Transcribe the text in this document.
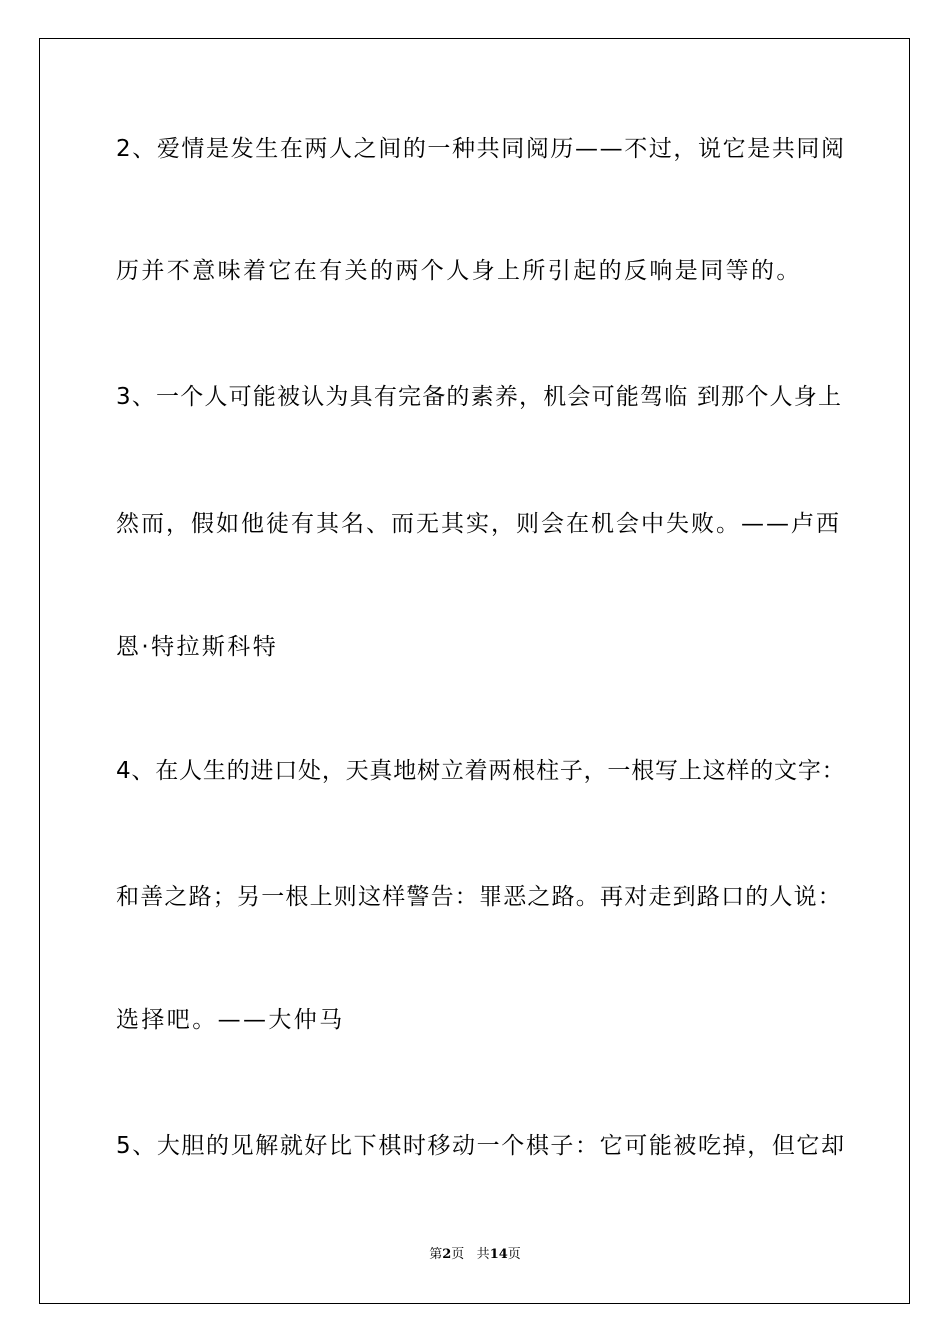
2、爱情是发生在两人之间的一种共同阅历——不过，说它是共同阅

历并不意味着它在有关的两个人身上所引起的反响是同等的。

3、一个人可能被认为具有完备的素养，机会可能驾临 到那个人身上

然而，假如他徒有其名、而无其实，则会在机会中失败。——卢西

恩·特拉斯科特

4、在人生的进口处，天真地树立着两根柱子，一根写上这样的文字：

和善之路；另一根上则这样警告：罪恶之路。再对走到路口的人说：

选择吧。——大仲马

5、大胆的见解就好比下棋时移动一个棋子：它可能被吃掉，但它却

第2页 共14页
